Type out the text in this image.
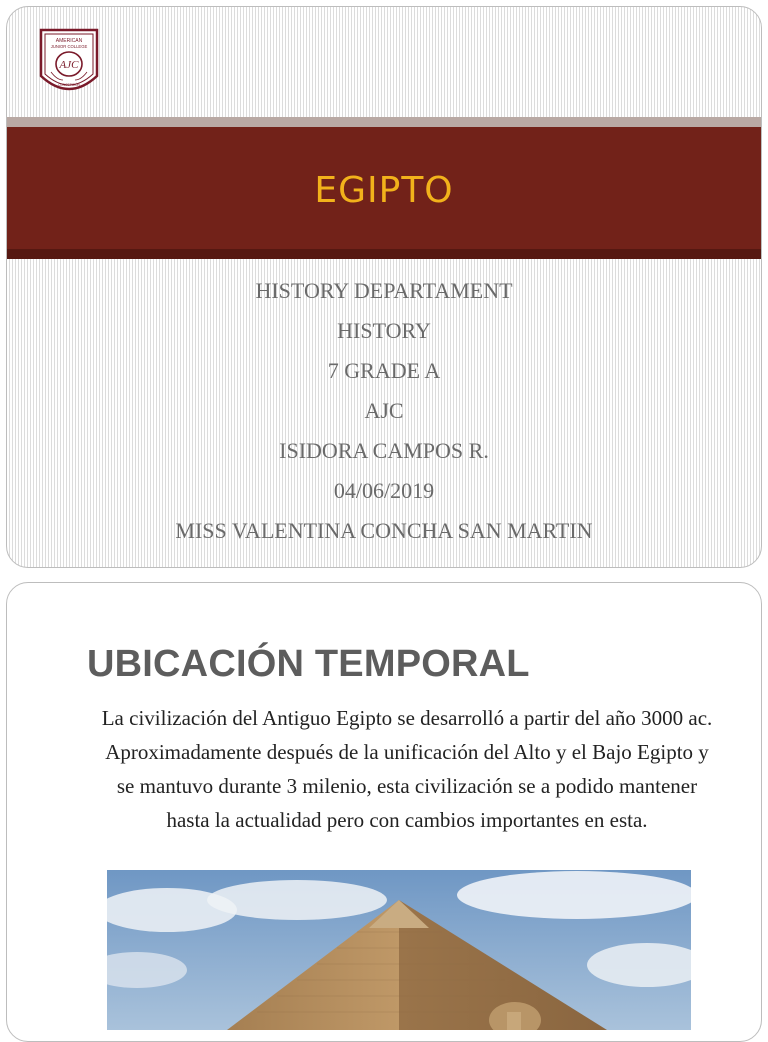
AMERICAN
JUNIOR COLLEGE
AJC
CONCEPCIÓN
2009
EGIPTO
HISTORY DEPARTAMENT
HISTORY
7 GRADE A
AJC
ISIDORA CAMPOS R.
04/06/2019
MISS VALENTINA CONCHA SAN MARTIN
UBICACIÓN TEMPORAL
La civilización del Antiguo Egipto se desarrolló a partir del año 3000 ac. Aproximadamente después de la unificación del Alto y el Bajo Egipto y se mantuvo durante 3 milenio, esta civilización se a podido mantener hasta la actualidad pero con cambios importantes en esta.
